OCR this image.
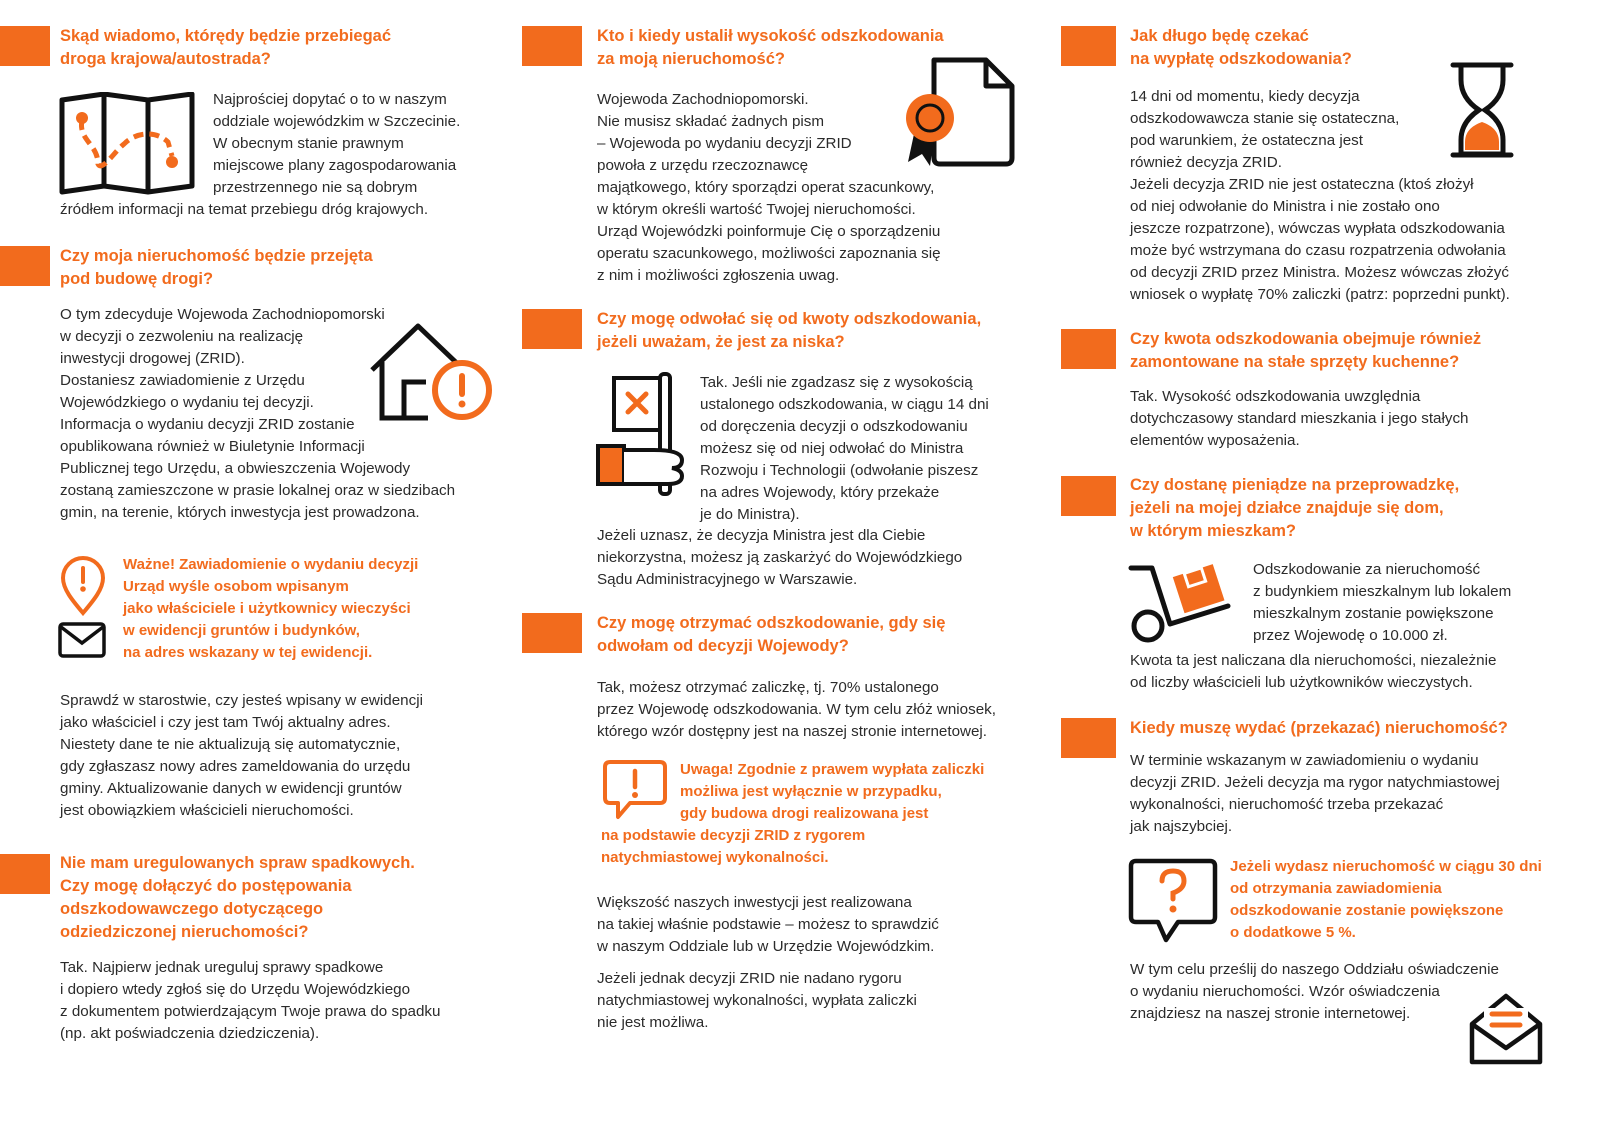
Skąd wiadomo, którędy będzie przebiegać
droga krajowa/autostrada?
Najprościej dopytać o to w naszym
oddziale wojewódzkim w Szczecinie.
W obecnym stanie prawnym
miejscowe plany zagospodarowania
przestrzennego nie są dobrym
źródłem informacji na temat przebiegu dróg krajowych.
Czy moja nieruchomość będzie przejęta
pod budowę drogi?
O tym zdecyduje Wojewoda Zachodniopomorski
w decyzji o zezwoleniu na realizację
inwestycji drogowej (ZRID).
Dostaniesz zawiadomienie z Urzędu
Wojewódzkiego o wydaniu tej decyzji.
Informacja o wydaniu decyzji ZRID zostanie
opublikowana również w Biuletynie Informacji
Publicznej tego Urzędu, a obwieszczenia Wojewody
zostaną zamieszczone w prasie lokalnej oraz w siedzibach
gmin, na terenie, których inwestycja jest prowadzona.
Ważne! Zawiadomienie o wydaniu decyzji
Urząd wyśle osobom wpisanym
jako właściciele i użytkownicy wieczyści
w ewidencji gruntów i budynków,
na adres wskazany w tej ewidencji.
Sprawdź w starostwie, czy jesteś wpisany w ewidencji
jako właściciel i czy jest tam Twój aktualny adres.
Niestety dane te nie aktualizują się automatycznie,
gdy zgłaszasz nowy adres zameldowania do urzędu
gminy. Aktualizowanie danych w ewidencji gruntów
jest obowiązkiem właścicieli nieruchomości.
Nie mam uregulowanych spraw spadkowych.
Czy mogę dołączyć do postępowania
odszkodowawczego dotyczącego
odziedziczonej nieruchomości?
Tak. Najpierw jednak ureguluj sprawy spadkowe
i dopiero wtedy zgłoś się do Urzędu Wojewódzkiego
z dokumentem potwierdzającym Twoje prawa do spadku
(np. akt poświadczenia dziedziczenia).
Kto i kiedy ustalił wysokość odszkodowania
za moją nieruchomość?
Wojewoda Zachodniopomorski.
Nie musisz składać żadnych pism
– Wojewoda po wydaniu decyzji ZRID
powoła z urzędu rzeczoznawcę
majątkowego, który sporządzi operat szacunkowy,
w którym określi wartość Twojej nieruchomości.
Urząd Wojewódzki poinformuje Cię o sporządzeniu
operatu szacunkowego, możliwości zapoznania się
z nim i możliwości zgłoszenia uwag.
Czy mogę odwołać się od kwoty odszkodowania,
jeżeli uważam, że jest za niska?
Tak. Jeśli nie zgadzasz się z wysokością
ustalonego odszkodowania, w ciągu 14 dni
od doręczenia decyzji o odszkodowaniu
możesz się od niej odwołać do Ministra
Rozwoju i Technologii (odwołanie piszesz
na adres Wojewody, który przekaże
je do Ministra).
Jeżeli uznasz, że decyzja Ministra jest dla Ciebie
niekorzystna, możesz ją zaskarżyć do Wojewódzkiego
Sądu Administracyjnego w Warszawie.
Czy mogę otrzymać odszkodowanie, gdy się
odwołam od decyzji Wojewody?
Tak, możesz otrzymać zaliczkę, tj. 70% ustalonego
przez Wojewodę odszkodowania. W tym celu złóż wniosek,
którego wzór dostępny jest na naszej stronie internetowej.
Uwaga! Zgodnie z prawem wypłata zaliczki
możliwa jest wyłącznie w przypadku,
gdy budowa drogi realizowana jest
na podstawie decyzji ZRID z rygorem
natychmiastowej wykonalności.
Większość naszych inwestycji jest realizowana
na takiej właśnie podstawie – możesz to sprawdzić
w naszym Oddziale lub w Urzędzie Wojewódzkim.
Jeżeli jednak decyzji ZRID nie nadano rygoru
natychmiastowej wykonalności, wypłata zaliczki
nie jest możliwa.
Jak długo będę czekać
na wypłatę odszkodowania?
14 dni od momentu, kiedy decyzja
odszkodowawcza stanie się ostateczna,
pod warunkiem, że ostateczna jest
również decyzja ZRID.
Jeżeli decyzja ZRID nie jest ostateczna (ktoś złożył
od niej odwołanie do Ministra i nie zostało ono
jeszcze rozpatrzone), wówczas wypłata odszkodowania
może być wstrzymana do czasu rozpatrzenia odwołania
od decyzji ZRID przez Ministra. Możesz wówczas złożyć
wniosek o wypłatę 70% zaliczki (patrz: poprzedni punkt).
Czy kwota odszkodowania obejmuje również
zamontowane na stałe sprzęty kuchenne?
Tak. Wysokość odszkodowania uwzględnia
dotychczasowy standard mieszkania i jego stałych
elementów wyposażenia.
Czy dostanę pieniądze na przeprowadzkę,
jeżeli na mojej działce znajduje się dom,
w którym mieszkam?
Odszkodowanie za nieruchomość
z budynkiem mieszkalnym lub lokalem
mieszkalnym zostanie powiększone
przez Wojewodę o 10.000 zł.
Kwota ta jest naliczana dla nieruchomości, niezależnie
od liczby właścicieli lub użytkowników wieczystych.
Kiedy muszę wydać (przekazać) nieruchomość?
W terminie wskazanym w zawiadomieniu o wydaniu
decyzji ZRID. Jeżeli decyzja ma rygor natychmiastowej
wykonalności, nieruchomość trzeba przekazać
jak najszybciej.
Jeżeli wydasz nieruchomość w ciągu 30 dni
od otrzymania zawiadomienia
odszkodowanie zostanie powiększone
o dodatkowe 5 %.
W tym celu prześlij do naszego Oddziału oświadczenie
o wydaniu nieruchomości. Wzór oświadczenia
znajdziesz na naszej stronie internetowej.
